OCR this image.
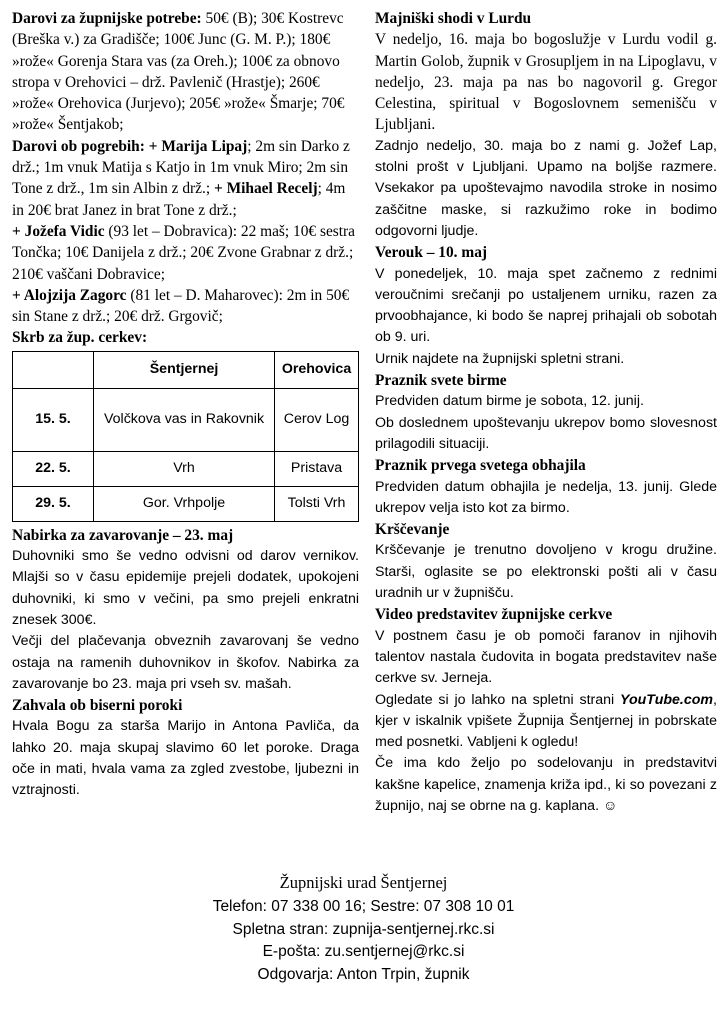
Darovi za župnijske potrebe: 50€ (B); 30€ Kostrevc (Breška v.) za Gradišče; 100€ Junc (G. M. P.); 180€ »rože« Gorenja Stara vas (za Oreh.); 100€ za obnovo stropa v Orehovici – drž. Pavlenič (Hrastje); 260€ »rože« Orehovica (Jurjevo); 205€ »rože« Šmarje; 70€ »rože« Šentjakob;

Darovi ob pogrebih: + Marija Lipaj; 2m sin Darko z drž.; 1m vnuk Matija s Katjo in 1m vnuk Miro; 2m sin Tone z drž., 1m sin Albin z drž.; + Mihael Recelj; 4m in 20€ brat Janez in brat Tone z drž.;
+ Jožefa Vidic (93 let – Dobravica): 22 maš; 10€ sestra Tončka; 10€ Danijela z drž.; 20€ Zvone Grabnar z drž.; 210€ vaščani Dobravice;
+ Alojzija Zagorc (81 let – D. Maharovec): 2m in 50€ sin Stane z drž.; 20€ drž. Grgovič;

Skrb za žup. cerkev:
	Šentjernej	Orehovica
15. 5.	Volčkova vas in Rakovnik	Cerov Log
22. 5.	Vrh	Pristava
29. 5.	Gor. Vrhpolje	Tolsti Vrh
Nabirka za zavarovanje – 23. maj

Duhovniki smo še vedno odvisni od darov vernikov. Mlajši so v času epidemije prejeli dodatek, upokojeni duhovniki, ki smo v večini, pa smo prejeli enkratni znesek 300€.

Večji del plačevanja obveznih zavarovanj še vedno ostaja na ramenih duhovnikov in škofov. Nabirka za zavarovanje bo 23. maja pri vseh sv. mašah.

Zahvala ob biserni poroki

Hvala Bogu za starša Marijo in Antona Pavliča, da lahko 20. maja skupaj slavimo 60 let poroke. Draga oče in mati, hvala vama za zgled zvestobe, ljubezni in vztrajnosti.

Majniški shodi v Lurdu

V nedeljo, 16. maja bo bogoslužje v Lurdu vodil g. Martin Golob, župnik v Grosupljem in na Lipoglavu, v nedeljo, 23. maja pa nas bo nagovoril g. Gregor Celestina, spiritual v Bogoslovnem semenišču v Ljubljani.

Zadnjo nedeljo, 30. maja bo z nami g. Jožef Lap, stolni prošt v Ljubljani. Upamo na boljše razmere. Vsekakor pa upoštevajmo navodila stroke in nosimo zaščitne maske, si razkužimo roke in bodimo odgovorni ljudje.

Verouk – 10. maj

V ponedeljek, 10. maja spet začnemo z rednimi veroučnimi srečanji po ustaljenem urniku, razen za prvoobhajance, ki bodo še naprej prihajali ob sobotah ob 9. uri.

Urnik najdete na župnijski spletni strani.

Praznik svete birme

Predviden datum birme je sobota, 12. junij.

Ob doslednem upoštevanju ukrepov bomo slovesnost prilagodili situaciji.

Praznik prvega svetega obhajila

Predviden datum obhajila je nedelja, 13. junij. Glede ukrepov velja isto kot za birmo.

Krščevanje

Krščevanje je trenutno dovoljeno v krogu družine. Starši, oglasite se po elektronski pošti ali v času uradnih ur v župnišču.

Video predstavitev župnijske cerkve

V postnem času je ob pomoči faranov in njihovih talentov nastala čudovita in bogata predstavitev naše cerkve sv. Jerneja.

Ogledate si jo lahko na spletni strani YouTube.com, kjer v iskalnik vpišete Župnija Šentjernej in pobrskate med posnetki. Vabljeni k ogledu!

Če ima kdo željo po sodelovanju in predstavitvi kakšne kapelice, znamenja križa ipd., ki so povezani z župnijo, naj se obrne na g. kaplana. ☺

Župnijski urad Šentjernej
Telefon: 07 338 00 16; Sestre: 07 308 10 01
Spletna stran: zupnija-sentjernej.rkc.si
E-pošta: zu.sentjernej@rkc.si
Odgovarja: Anton Trpin, župnik
